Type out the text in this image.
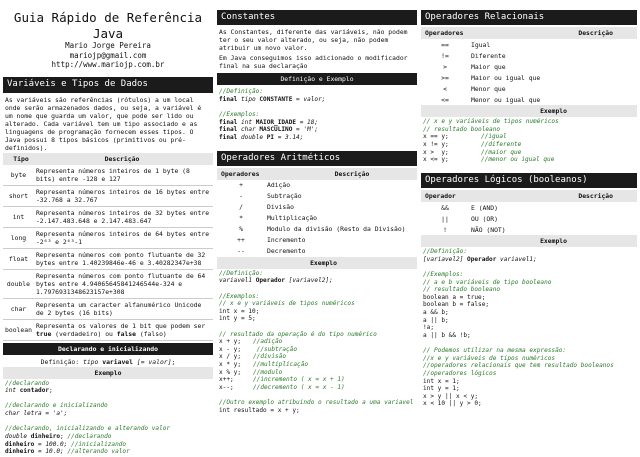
Guia Rápido de Referência Java
Mario Jorge Pereira
mariojp@gmail.com
http://www.mariojp.com.br
Variáveis e Tipos de Dados
As variáveis são referências (rótulos) a um local onde serão armazenados dados, ou seja, a variável é um nome que guarda um valor, que pode ser lido ou alterado. Cada variável tem um tipo associado e as linguagens de programação fornecem esses tipos. O Java possui 8 tipos básicos (primitivos ou pré-definidos).
Tipo	Descrição
byte	Representa números inteiros de 1 byte (8 bits) entre -128 e 127
short	Representa números inteiros de 16 bytes entre -32.768 a 32.767
int	Representa números inteiros de 32 bytes entre -2.147.483.648 e 2.147.483.647
long	Representa números inteiros de 64 bytes entre -2⁶³ e 2⁶³-1
float	Representa números com ponto flutuante de 32 bytes entre 1.40239846e-46 e 3.40282347e+38
double	Representa números com ponto flutuante de 64 bytes entre 4.94065645841246544e-324 e 1.7976931348623157e+308
char	Representa um caracter alfanumérico Unicode de 2 bytes (16 bits)
boolean	Representa os valores de 1 bit que podem ser true (verdadeiro) ou false (falso)
Declarando e inicializando
Definição: tipo variavel [= valor];
Exemplo
//declarando
int contador;

//declarando e inicializando
char letra = 'a';

//declarando, inicializando e alterando valor
double dinheiro; //declarando
dinheiro = 100.0; //inicializando
dinheiro = 10.0; //alterando valor
Constantes
As Constantes, diferente das variáveis, não podem ter o seu valor alterado, ou seja, não podem atribuir um novo valor.
Em Java conseguimos isso adicionado o modificador final na sua declaração
Definição e Exemplo
//Definição:
final tipo CONSTANTE = valor;

//Exemplos:
final int MAIOR_IDADE = 18;
final char MASCULINO = 'M';
final double PI = 3.14;
Operadores Aritméticos
Operadores	Descrição
+	Adição
-	Subtração
/	Divisão
*	Multiplicação
%	Modulo da divisão (Resto da Divisão)
++	Incremento
--	Decremento
Exemplo
//Definição:
variavel1 Operador [variavel2];

//Exemplos:
// x e y variáveis de tipos numéricos
int x = 10;
int y = 5;

// resultado da operação é do tipo numérico
x + y; //adição
x - y; //subtração
x / y; //divisão
x * y; //multiplicação
x % y; //modulo
x++;	//incremento ( x = x + 1)
x--;	//decremento ( x = x - 1)

//Outro exemplo atribuindo o resultado a uma variavel
int resultado = x + y;
Operadores Relacionais
Operadores	Descrição
==	Igual
!=	Diferente
>	Maior que
>=	Maior ou igual que
<	Menor que
<=	Menor ou igual que
Exemplo
// x e y variáveis de tipos numéricos
// resultado booleano
x == y;	//igual
x != y;	//diferente
x >  y;	//maior que
x <= y;	//menor ou igual que
Operadores Lógicos (booleanos)
Operador	Descrição
&&	E (AND)
||	OU (OR)
!	NÃO (NOT)
Exemplo
//Definição:
[variavel2] Operador variavel1;

//Exemplos:
// a e b variáveis de tipo booleano
// resultado booleano
boolean a = true;
boolean b = false;
a && b;
a || b;
!a;
a || b && !b;

// Podemos utilizar na mesma expressão:
//x e y variáveis de tipos numéricos
//operadores relacionais que tem resultado booleanos
//operadores lógicos
int x = 1;
int y = 1;
x > y || x < y;
x < 10 || y > 0;
